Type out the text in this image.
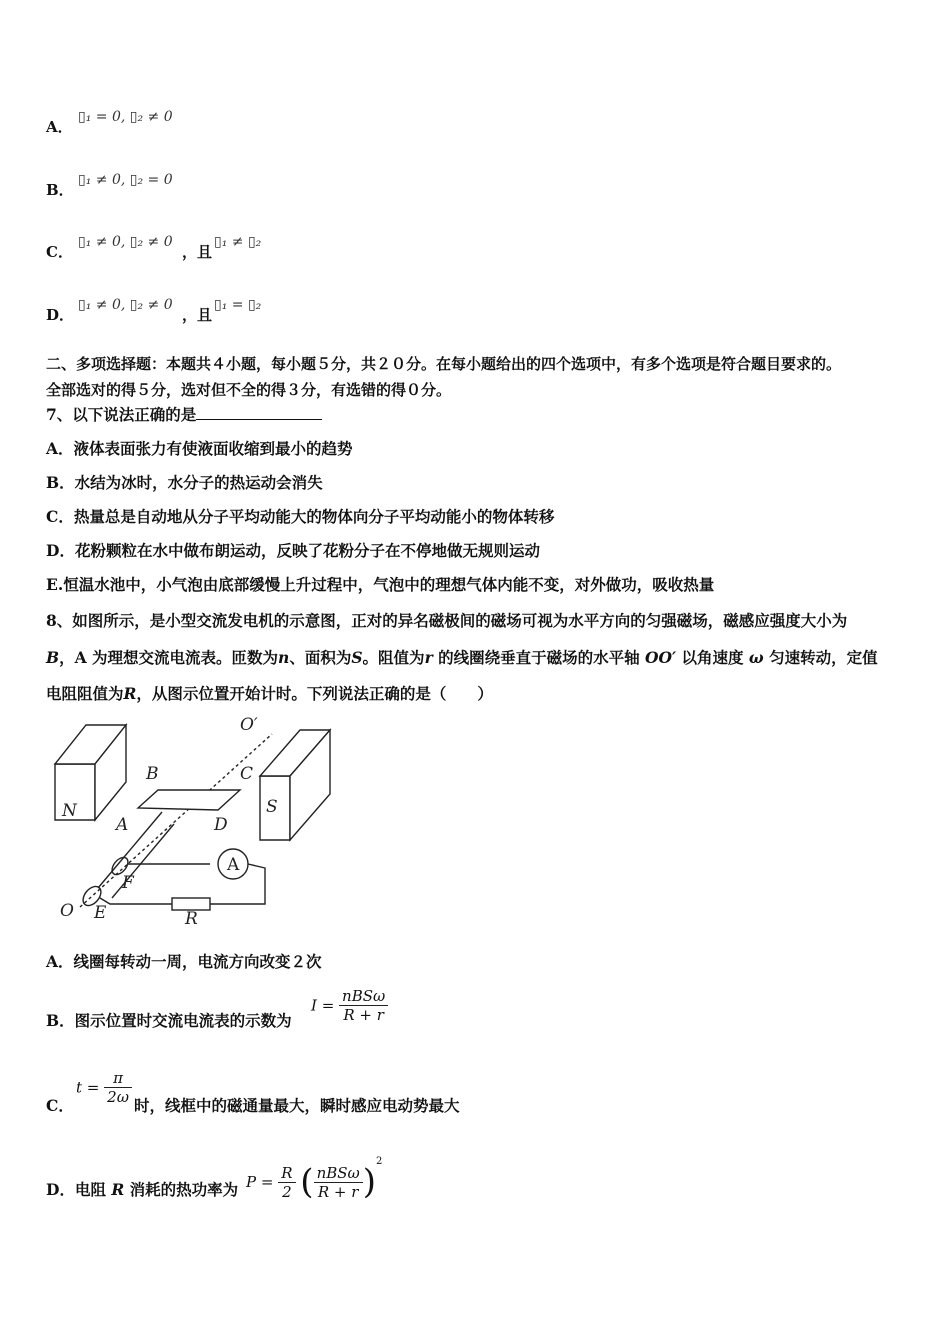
A．
▯₁ = 0, ▯₂ ≠ 0
B．
▯₁ ≠ 0, ▯₂ = 0
C．
▯₁ ≠ 0, ▯₂ ≠ 0
，且
▯₁ ≠ ▯₂
D．
▯₁ ≠ 0, ▯₂ ≠ 0
，且
▯₁ = ▯₂
二、多项选择题：本题共４小题，每小题５分，共２０分。在每小题给出的四个选项中，有多个选项是符合题目要求的。
全部选对的得５分，选对但不全的得３分，有选错的得０分。
7、以下说法正确的是
A．液体表面张力有使液面收缩到最小的趋势
B．水结为冰时，水分子的热运动会消失
C．热量总是自动地从分子平均动能大的物体向分子平均动能小的物体转移
D．花粉颗粒在水中做布朗运动，反映了花粉分子在不停地做无规则运动
E.恒温水池中，小气泡由底部缓慢上升过程中，气泡中的理想气体内能不变，对外做功，吸收热量
8、如图所示，是小型交流发电机的示意图，正对的异名磁极间的磁场可视为水平方向的匀强磁场，磁感应强度大小为
B，A 为理想交流电流表。匝数为n、面积为S。阻值为r 的线圈绕垂直于磁场的水平轴 OO′ 以角速度 ω 匀速转动，定值
电阻阻值为R，从图示位置开始计时。下列说法正确的是（　　）
O′
B	C
N	S
A	D
F
E
O	R
A
A．线圈每转动一周，电流方向改变２次
B．图示位置时交流电流表的示数为
$I = \frac{\text{nBSω}}{R + r}$
C．
$t = \frac{\pi}{2\omega}$ 时，线框中的磁通量最大，瞬时感应电动势最大
D．电阻 R 消耗的热功率为 $P = \frac{R}{2}$ ( $\frac{\text{nBSω}}{R + r} )^2$
